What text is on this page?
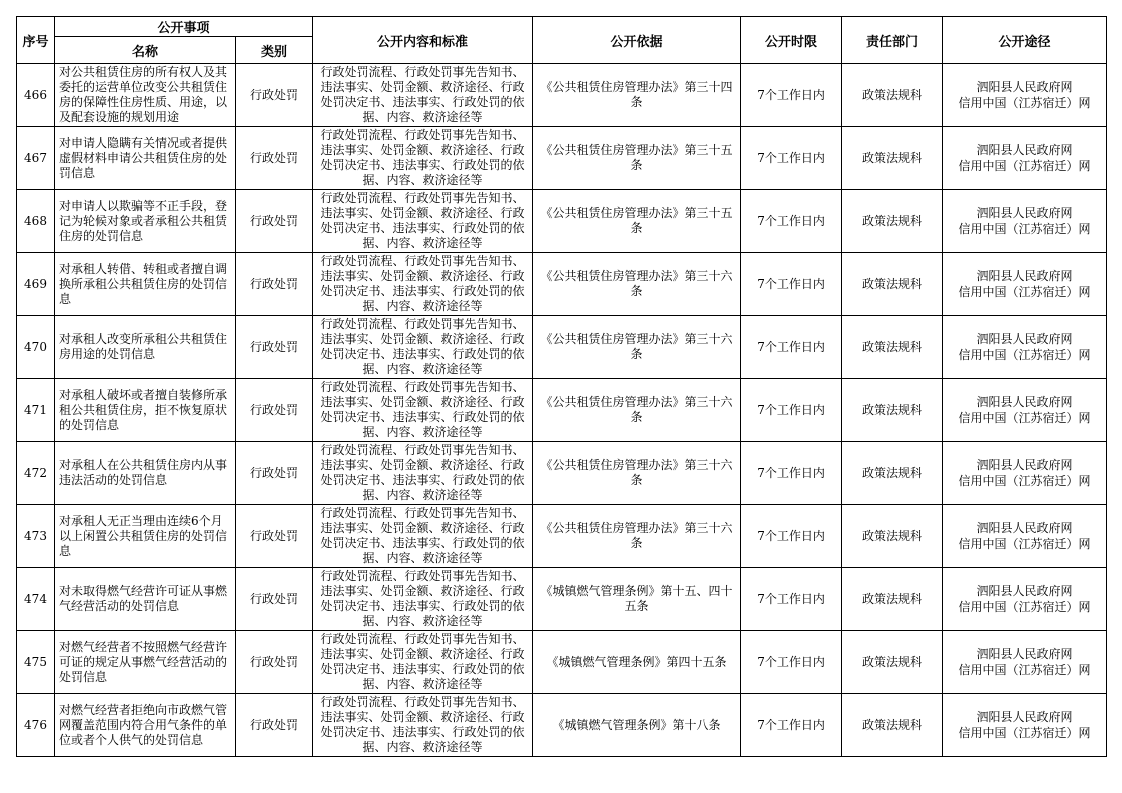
序号	公开事项		公开内容和标准	公开依据	公开时限	责任部门	公开途径
	名称	类别					
466	对公共租赁住房的所有权人及其委托的运营单位改变公共租赁住房的保障性住房性质、用途，以及配套设施的规划用途	行政处罚	行政处罚流程、行政处罚事先告知书、违法事实、处罚金额、救济途径、行政处罚决定书、违法事实、行政处罚的依据、内容、救济途径等	《公共租赁住房管理办法》第三十四条	7个工作日内	政策法规科	泗阳县人民政府网
信用中国（江苏宿迁）网

467	对申请人隐瞒有关情况或者提供虚假材料申请公共租赁住房的处罚信息	行政处罚	行政处罚流程、行政处罚事先告知书、违法事实、处罚金额、救济途径、行政处罚决定书、违法事实、行政处罚的依据、内容、救济途径等	《公共租赁住房管理办法》第三十五条	7个工作日内	政策法规科	泗阳县人民政府网
信用中国（江苏宿迁）网

468	对申请人以欺骗等不正手段，登记为轮候对象或者承租公共租赁住房的处罚信息	行政处罚	行政处罚流程、行政处罚事先告知书、违法事实、处罚金额、救济途径、行政处罚决定书、违法事实、行政处罚的依据、内容、救济途径等	《公共租赁住房管理办法》第三十五条	7个工作日内	政策法规科	泗阳县人民政府网
信用中国（江苏宿迁）网

469	对承租人转借、转租或者擅自调换所承租公共租赁住房的处罚信息	行政处罚	行政处罚流程、行政处罚事先告知书、违法事实、处罚金额、救济途径、行政处罚决定书、违法事实、行政处罚的依据、内容、救济途径等	《公共租赁住房管理办法》第三十六条	7个工作日内	政策法规科	泗阳县人民政府网
信用中国（江苏宿迁）网

470	对承租人改变所承租公共租赁住房用途的处罚信息	行政处罚	行政处罚流程、行政处罚事先告知书、违法事实、处罚金额、救济途径、行政处罚决定书、违法事实、行政处罚的依据、内容、救济途径等	《公共租赁住房管理办法》第三十六条	7个工作日内	政策法规科	泗阳县人民政府网
信用中国（江苏宿迁）网

471	对承租人破坏或者擅自装修所承租公共租赁住房，拒不恢复原状的处罚信息	行政处罚	行政处罚流程、行政处罚事先告知书、违法事实、处罚金额、救济途径、行政处罚决定书、违法事实、行政处罚的依据、内容、救济途径等	《公共租赁住房管理办法》第三十六条	7个工作日内	政策法规科	泗阳县人民政府网
信用中国（江苏宿迁）网

472	对承租人在公共租赁住房内从事违法活动的处罚信息	行政处罚	行政处罚流程、行政处罚事先告知书、违法事实、处罚金额、救济途径、行政处罚决定书、违法事实、行政处罚的依据、内容、救济途径等	《公共租赁住房管理办法》第三十六条	7个工作日内	政策法规科	泗阳县人民政府网
信用中国（江苏宿迁）网

473	对承租人无正当理由连续6个月以上闲置公共租赁住房的处罚信息	行政处罚	行政处罚流程、行政处罚事先告知书、违法事实、处罚金额、救济途径、行政处罚决定书、违法事实、行政处罚的依据、内容、救济途径等	《公共租赁住房管理办法》第三十六条	7个工作日内	政策法规科	泗阳县人民政府网
信用中国（江苏宿迁）网

474	对未取得燃气经营许可证从事燃气经营活动的处罚信息	行政处罚	行政处罚流程、行政处罚事先告知书、违法事实、处罚金额、救济途径、行政处罚决定书、违法事实、行政处罚的依据、内容、救济途径等	《城镇燃气管理条例》第十五、四十五条	7个工作日内	政策法规科	泗阳县人民政府网
信用中国（江苏宿迁）网

475	对燃气经营者不按照燃气经营许可证的规定从事燃气经营活动的处罚信息	行政处罚	行政处罚流程、行政处罚事先告知书、违法事实、处罚金额、救济途径、行政处罚决定书、违法事实、行政处罚的依据、内容、救济途径等	《城镇燃气管理条例》第四十五条	7个工作日内	政策法规科	泗阳县人民政府网
信用中国（江苏宿迁）网

476	对燃气经营者拒绝向市政燃气管网覆盖范围内符合用气条件的单位或者个人供气的处罚信息	行政处罚	行政处罚流程、行政处罚事先告知书、违法事实、处罚金额、救济途径、行政处罚决定书、违法事实、行政处罚的依据、内容、救济途径等	《城镇燃气管理条例》第十八条	7个工作日内	政策法规科	泗阳县人民政府网
信用中国（江苏宿迁）网
